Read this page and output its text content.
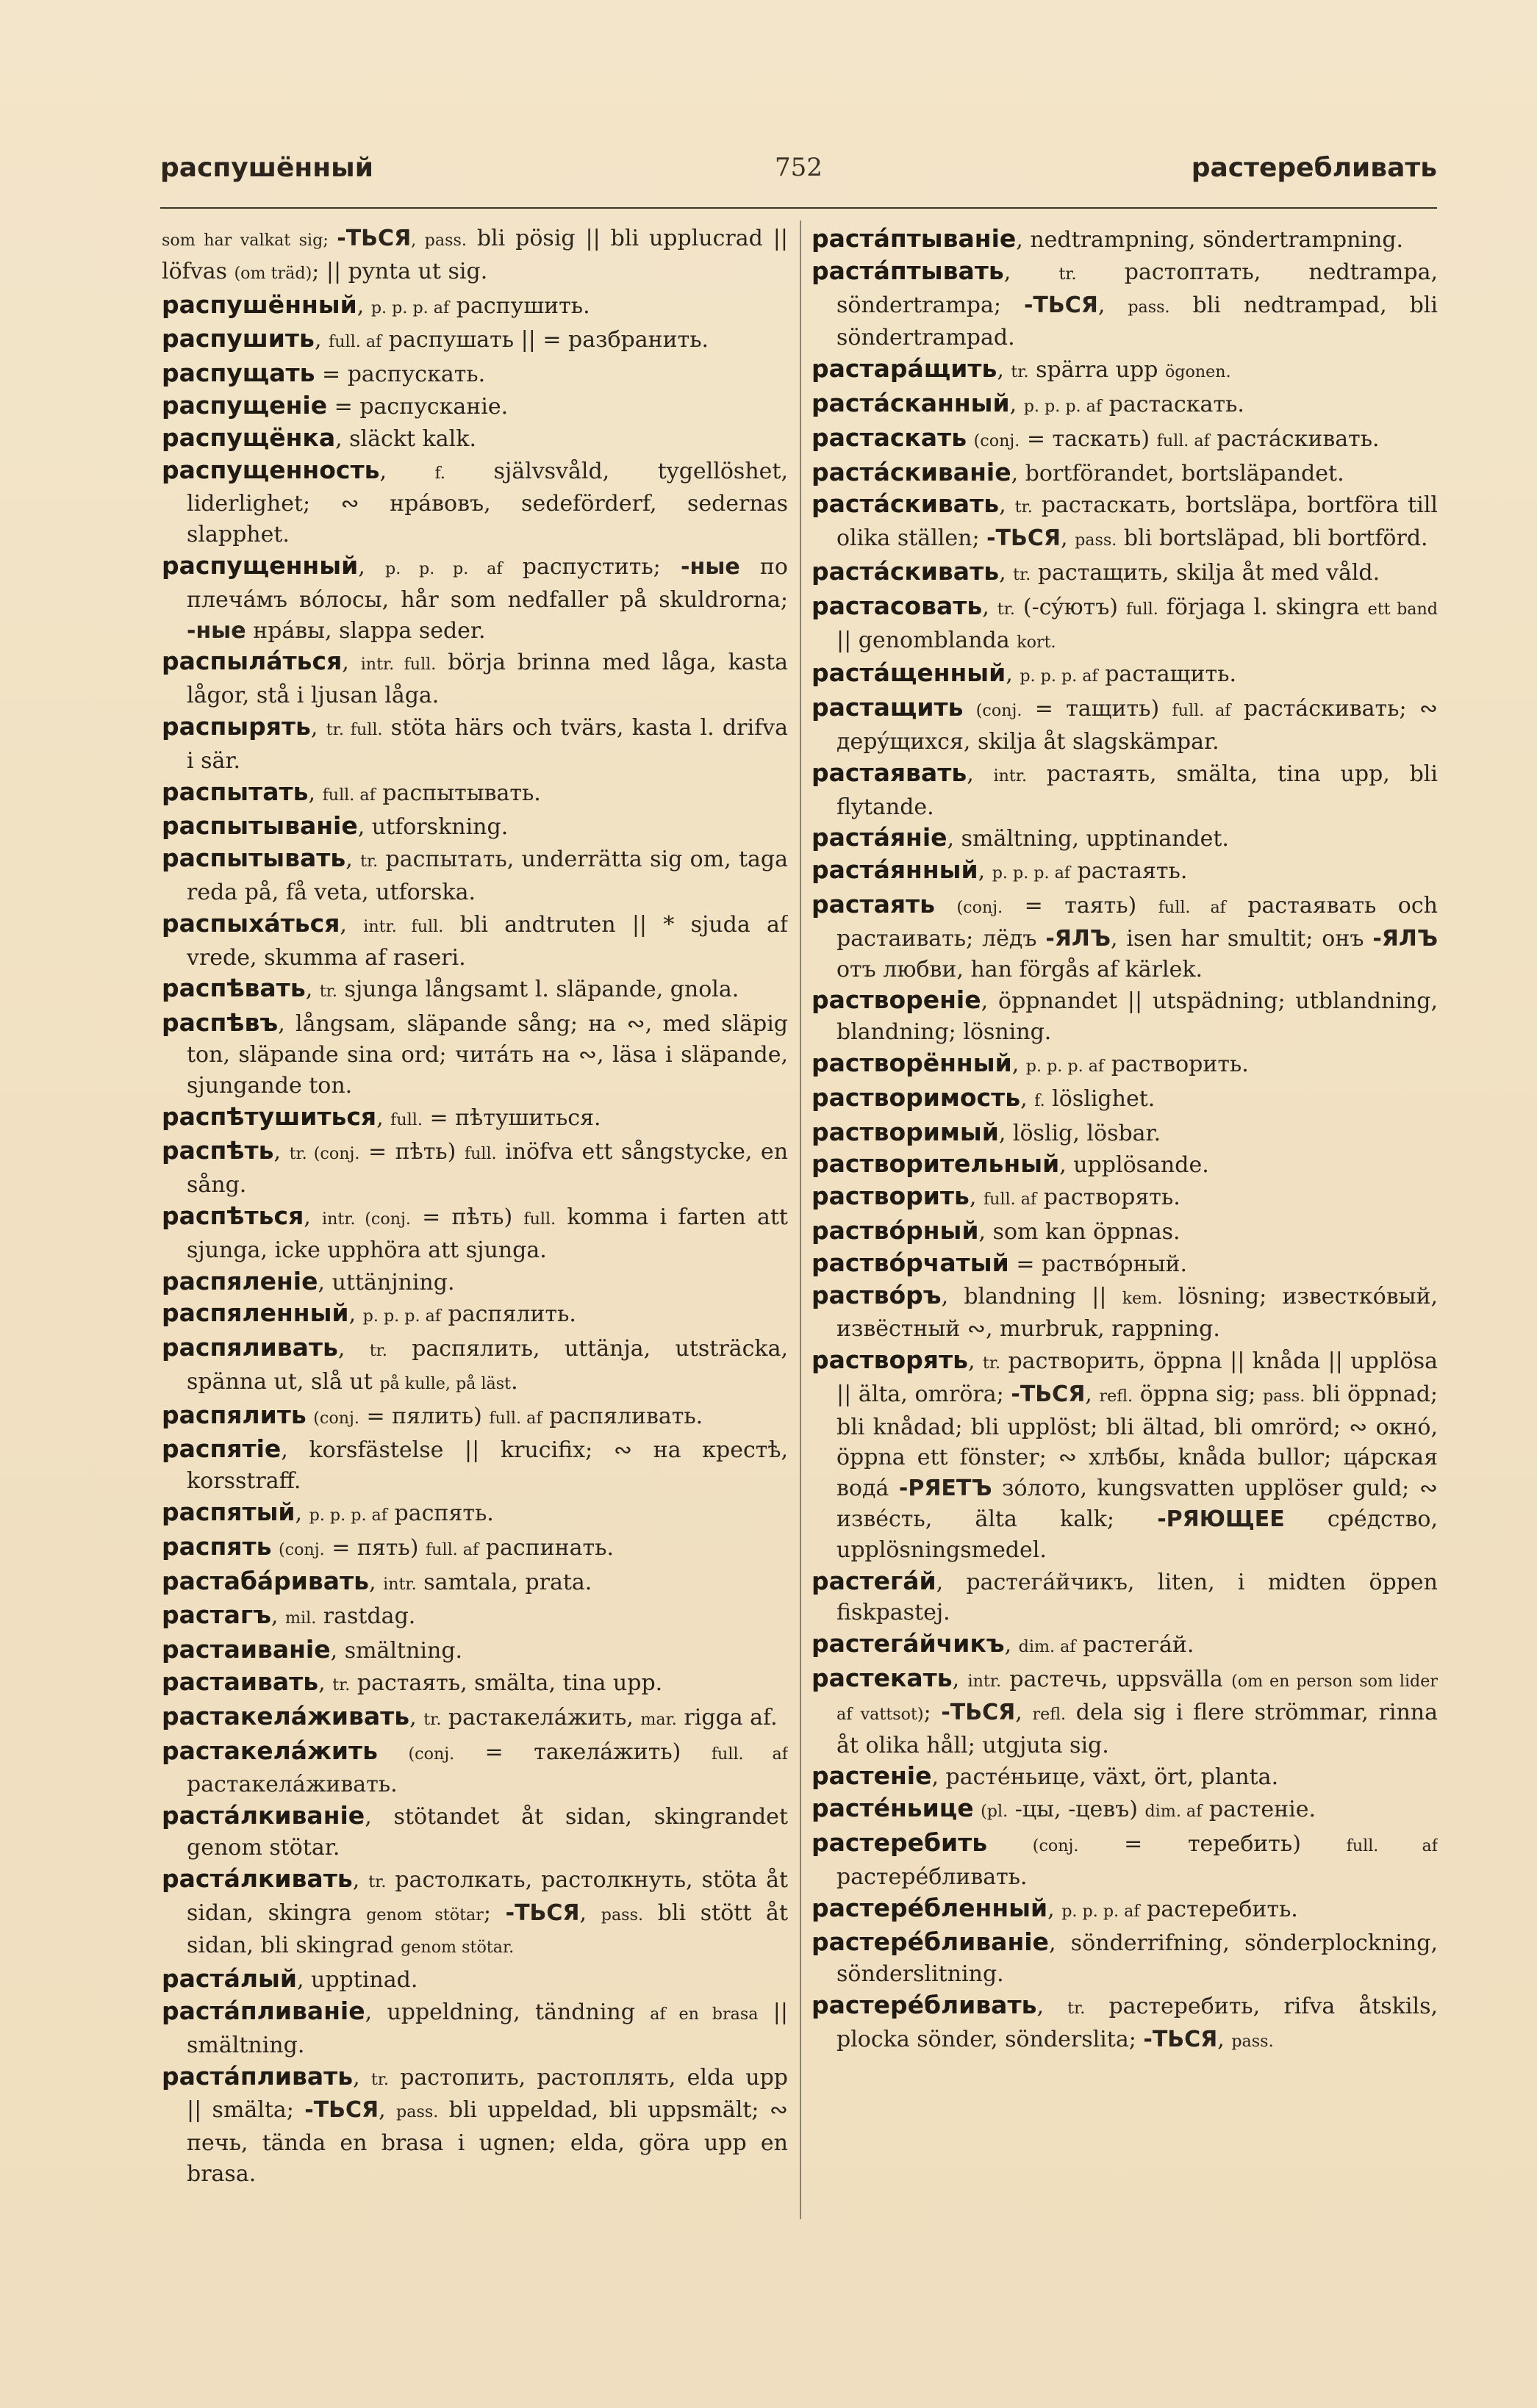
распушённый	752	растеребливать

som har valkat sig; -ТЬСЯ, pass. bli pösig || bli upplucrad || löfvas (om träd); || pynta ut sig.

распушённый, p. p. p. af распушить.

распушить, full. af распушать || = разбранить.

распущать = распускать.

распущеніе = распусканіе.

распущёнка, släckt kalk.

распущенность, f. självsvåld, tygellöshet, liderlighet; ∾ нрáвовъ, sedeförderf, sedernas slapphet.

распущенный, p. p. p. af распустить; -ные по плечáмъ вóлосы, hår som nedfaller på skuldrorna; -ные нрáвы, slappa seder.

распылáться, intr. full. börja brinna med låga, kasta lågor, stå i ljusan låga.

распырять, tr. full. stöta härs och tvärs, kasta l. drifva i sär.

распытать, full. af распытывать.

распытываніе, utforskning.

распытывать, tr. распытать, underrätta sig om, taga reda på, få veta, utforska.

распыхáться, intr. full. bli andtruten || * sjuda af vrede, skumma af raseri.

распѣвать, tr. sjunga långsamt l. släpande, gnola.

распѣвъ, långsam, släpande sång; на ∾, med släpig ton, släpande sina ord; читáть на ∾, läsa i släpande, sjungande ton.

распѣтушиться, full. = пѣтушиться.

распѣть, tr. (conj. = пѣть) full. inöfva ett sångstycke, en sång.

распѣться, intr. (conj. = пѣть) full. komma i farten att sjunga, icke upphöra att sjunga.

распяленіе, uttänjning.

распяленный, p. p. p. af распялить.

распяливать, tr. распялить, uttänja, utsträcka, spänna ut, slå ut på kulle, på läst.

распялить (conj. = пялить) full. af распяливать.

распятіе, korsfästelse || krucifix; ∾ на крестѣ, korsstraff.

распятый, p. p. p. af распять.

распять (conj. = пять) full. af распинать.

растабáривать, intr. samtala, prata.

растагъ, mil. rastdag.

растаиваніе, smältning.

растаивать, tr. растаять, smälta, tina upp.

растакелáживать, tr. растакелáжить, mar. rigga af.

растакелáжить (conj. = такелáжить) full. af растакелáживать.

растáлкиваніе, stötandet åt sidan, skingrandet genom stötar.

растáлкивать, tr. растолкать, растолкнуть, stöta åt sidan, skingra genom stötar; -ТЬСЯ, pass. bli stött åt sidan, bli skingrad genom stötar.

растáлый, upptinad.

растáпливаніе, uppeldning, tändning af en brasa || smältning.

растáпливать, tr. растопить, растоплять, elda upp || smälta; -ТЬСЯ, pass. bli uppeldad, bli uppsmält; ∾ печь, tända en brasa i ugnen; elda, göra upp en brasa.

растáптываніе, nedtrampning, söndertrampning.

растáптывать, tr. растоптать, nedtrampa, söndertrampa; -ТЬСЯ, pass. bli nedtrampad, bli söndertrampad.

растарáщить, tr. spärra upp ögonen.

растáсканный, p. p. p. af растаскать.

растаскать (conj. = таскать) full. af растáскивать.

растáскиваніе, bortförandet, bortsläpandet.

растáскивать, tr. растаскать, bortsläpa, bortföra till olika ställen; -ТЬСЯ, pass. bli bortsläpad, bli bortförd.

растáскивать, tr. растащить, skilja åt med våld.

растасовать, tr. (-сýютъ) full. förjaga l. skingra ett band || genomblanda kort.

растáщенный, p. p. p. af растащить.

растащить (conj. = тащить) full. af растáскивать; ∾ дерýщихся, skilja åt slagskämpar.

растаявать, intr. растаять, smälta, tina upp, bli flytande.

растáяніе, smältning, upptinandet.

растáянный, p. p. p. af растаять.

растаять (conj. = таять) full. af растаявать och растаивать; лёдъ -ЯЛЪ, isen har smultit; онъ -ЯЛЪ отъ любви, han förgås af kärlek.

раствореніе, öppnandet || utspädning; utblandning, blandning; lösning.

растворённый, p. p. p. af растворить.

растворимость, f. löslighet.

растворимый, löslig, lösbar.

растворительный, upplösande.

растворить, full. af растворять.

раствóрный, som kan öppnas.

раствóрчатый = раствóрный.

раствóръ, blandning || kem. lösning; известкóвый, извёстный ∾, murbruk, rappning.

растворять, tr. растворить, öppna || knåda || upplösa || älta, omröra; -ТЬСЯ, refl. öppna sig; pass. bli öppnad; bli knådad; bli upplöst; bli ältad, bli omrörd; ∾ окнó, öppna ett fönster; ∾ хлѣбы, knåda bullor; цáрская водá -РЯЕТЪ зóлото, kungsvatten upplöser guld; ∾ извéсть, älta kalk; -РЯЮЩЕЕ срéдство, upplösningsmedel.

растегáй, растегáйчикъ, liten, i midten öppen fiskpastej.

растегáйчикъ, dim. af растегáй.

растекать, intr. растечь, uppsvälla (om en person som lider af vattsot); -ТЬСЯ, refl. dela sig i flere strömmar, rinna åt olika håll; utgjuta sig.

растеніе, растéньице, växt, ört, planta.

растéньице (pl. -цы, -цевъ) dim. af растеніе.

растеребить	(conj. = теребить) full. af растерéбливать.

растерéбленный, p. p. p. af растеребить.

растерéбливаніе, sönderrifning, sönderplockning, sönderslitning.

растерéбливать, tr. растеребить, rifva åtskils, plocka sönder, sönderslita; -ТЬСЯ, pass.
